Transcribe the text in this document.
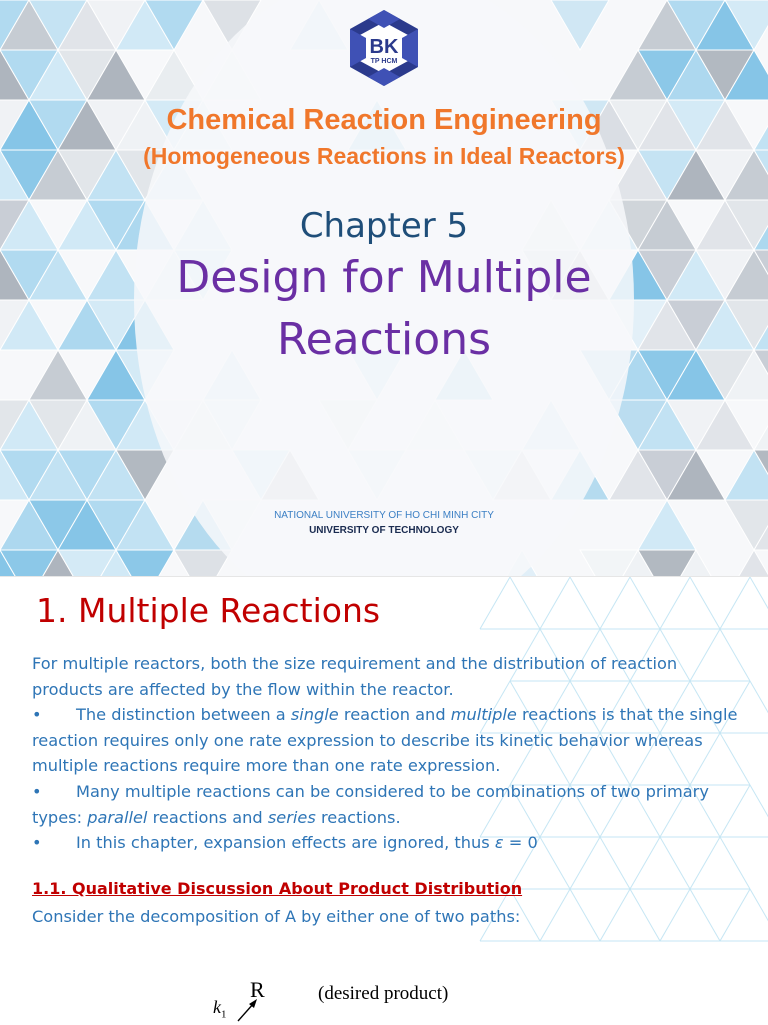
BK
TP HCM
Chemical Reaction Engineering
(Homogeneous Reactions in Ideal Reactors)
Chapter 5
Design for Multiple
Reactions
NATIONAL UNIVERSITY OF HO CHI MINH CITY
UNIVERSITY OF TECHNOLOGY
1. Multiple Reactions
For multiple reactors, both the size requirement and the distribution of reaction products are affected by the flow within the reactor.
• The distinction between a single reaction and multiple reactions is that the single reaction requires only one rate expression to describe its kinetic behavior whereas multiple reactions require more than one rate expression.
• Many multiple reactions can be considered to be combinations of two primary types: parallel reactions and series reactions.
• In this chapter, expansion effects are ignored, thus ε = 0
1.1. Qualitative Discussion About Product Distribution
Consider the decomposition of A by either one of two paths:
R	(desired product)
$k_1$
